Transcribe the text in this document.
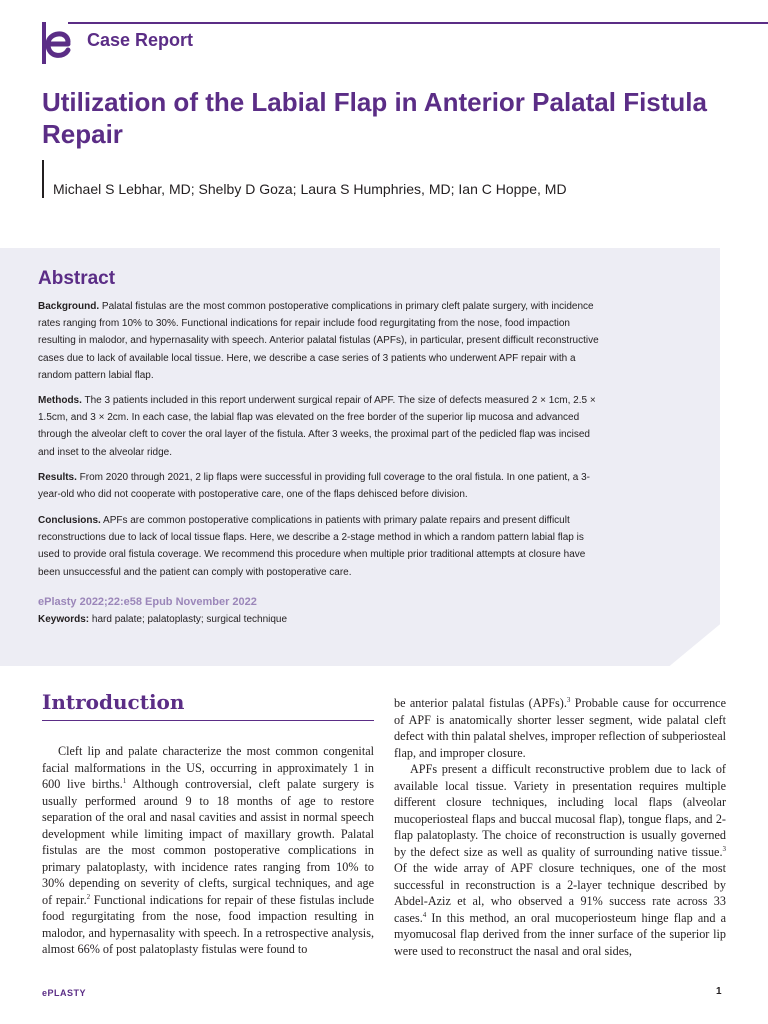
Case Report
Utilization of the Labial Flap in Anterior Palatal Fistula Repair
Michael S Lebhar, MD; Shelby D Goza; Laura S Humphries, MD; Ian C Hoppe, MD
Abstract
Background. Palatal fistulas are the most common postoperative complications in primary cleft palate surgery, with incidence rates ranging from 10% to 30%. Functional indications for repair include food regurgitating from the nose, food impaction resulting in malodor, and hypernasality with speech. Anterior palatal fistulas (APFs), in particular, present difficult reconstructive cases due to lack of available local tissue. Here, we describe a case series of 3 patients who underwent APF repair with a random pattern labial flap.
Methods. The 3 patients included in this report underwent surgical repair of APF. The size of defects measured 2 × 1cm, 2.5 × 1.5cm, and 3 × 2cm. In each case, the labial flap was elevated on the free border of the superior lip mucosa and advanced through the alveolar cleft to cover the oral layer of the fistula. After 3 weeks, the proximal part of the pedicled flap was incised and inset to the alveolar ridge.
Results. From 2020 through 2021, 2 lip flaps were successful in providing full coverage to the oral fistula. In one patient, a 3-year-old who did not cooperate with postoperative care, one of the flaps dehisced before division.
Conclusions. APFs are common postoperative complications in patients with primary palate repairs and present difficult reconstructions due to lack of local tissue flaps. Here, we describe a 2-stage method in which a random pattern labial flap is used to provide oral fistula coverage. We recommend this procedure when multiple prior traditional attempts at closure have been unsuccessful and the patient can comply with postoperative care.
ePlasty 2022;22:e58 Epub November 2022
Keywords: hard palate; palatoplasty; surgical technique
Introduction

Cleft lip and palate characterize the most common congenital facial malformations in the US, occurring in approximately 1 in 600 live births.$^1$ Although controversial, cleft palate surgery is usually performed around 9 to 18 months of age to restore separation of the oral and nasal cavities and assist in normal speech development while limiting impact of maxillary growth. Palatal fistulas are the most common postoperative complications in primary palatoplasty, with incidence rates ranging from 10% to 30% depending on severity of clefts, surgical techniques, and age of repair.$^2$ Functional indications for repair of these fistulas include food regurgitating from the nose, food impaction resulting in malodor, and hypernasality with speech. In a retrospective analysis, almost 66% of post palatoplasty fistulas were found to

be anterior palatal fistulas (APFs).$^3$ Probable cause for occurrence of APF is anatomically shorter lesser segment, wide palatal cleft defect with thin palatal shelves, improper reflection of subperiosteal flap, and improper closure.

APFs present a difficult reconstructive problem due to lack of available local tissue. Variety in presentation requires multiple different closure techniques, including local flaps (alveolar mucoperiosteal flaps and buccal mucosal flap), tongue flaps, and 2-flap palatoplasty. The choice of reconstruction is usually governed by the defect size as well as quality of surrounding native tissue.$^3$ Of the wide array of APF closure techniques, one of the most successful in reconstruction is a 2-layer technique described by Abdel-Aziz et al, who observed a 91% success rate across 33 cases.$^4$ In this method, an oral mucoperiosteum hinge flap and a myomucosal flap derived from the inner surface of the superior lip were used to reconstruct the nasal and oral sides,

ePLASTY	1
